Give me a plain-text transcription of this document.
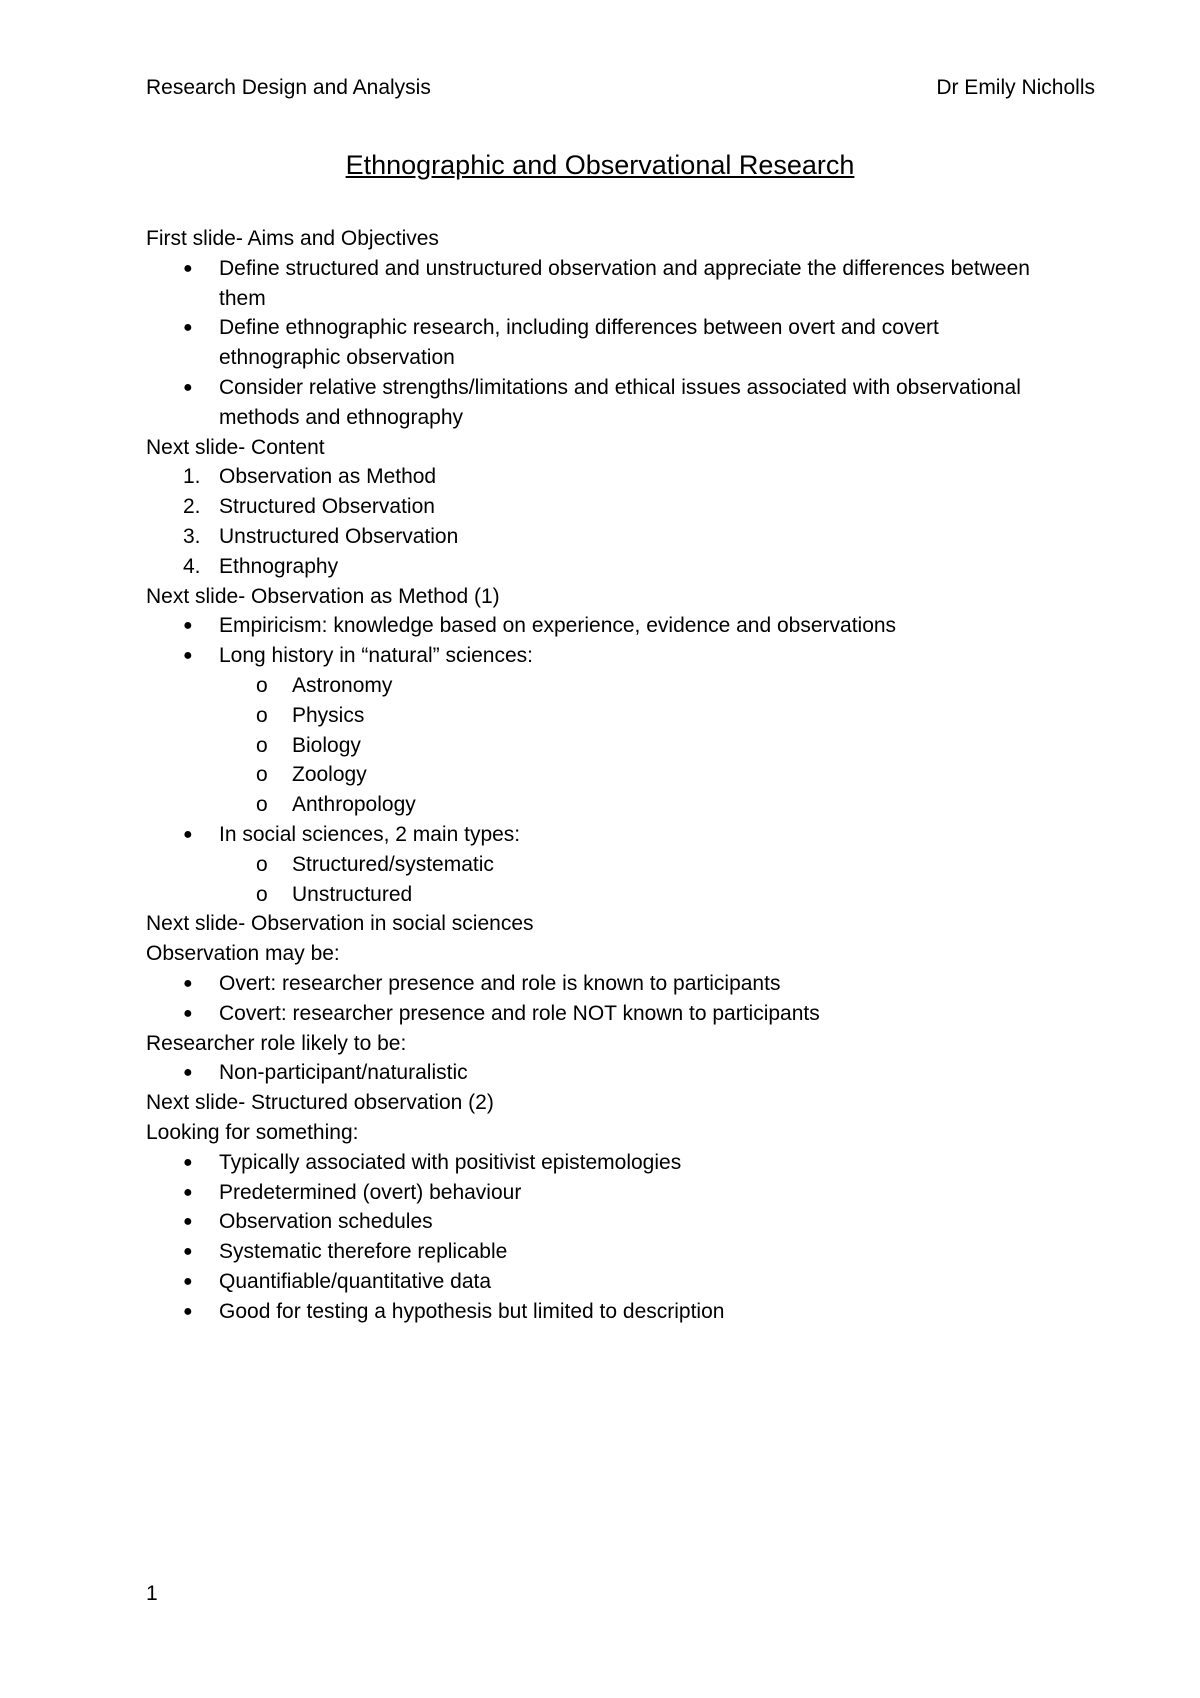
Research Design and Analysis	Dr Emily Nicholls
Ethnographic and Observational Research

First slide- Aims and Objectives

● Define structured and unstructured observation and appreciate the differences between them
● Define ethnographic research, including differences between overt and covert ethnographic observation
● Consider relative strengths/limitations and ethical issues associated with observational methods and ethnography

Next slide- Content

1. Observation as Method
2. Structured Observation
3. Unstructured Observation
4. Ethnography

Next slide- Observation as Method (1)

● Empiricism: knowledge based on experience, evidence and observations
● Long history in “natural” sciences:
o Astronomy
o Physics
o Biology
o Zoology
o Anthropology
● In social sciences, 2 main types:
o Structured/systematic
o Unstructured

Next slide- Observation in social sciences

Observation may be:

● Overt: researcher presence and role is known to participants
● Covert: researcher presence and role NOT known to participants

Researcher role likely to be:

● Non-participant/naturalistic

Next slide- Structured observation (2)

Looking for something:

● Typically associated with positivist epistemologies
● Predetermined (overt) behaviour
● Observation schedules
● Systematic therefore replicable
● Quantifiable/quantitative data
● Good for testing a hypothesis but limited to description
1
